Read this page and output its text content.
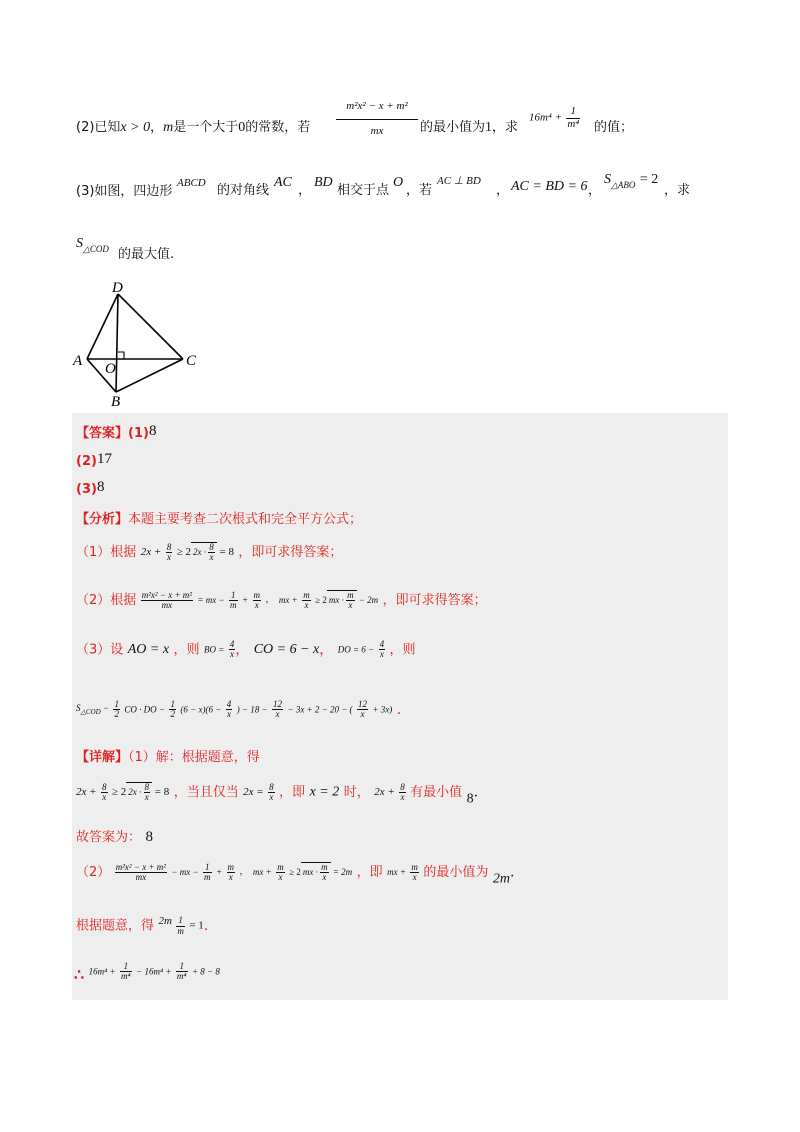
(2)已知x > 0，m是一个大于0的常数，若 $\frac{\text{m²x² − x + m²}}{mx}$ 的最小值为1，求
$16m^4 + \frac{1}{\text{m⁴}}$ 的值；
(3)如图，四边形
ABCD 的对角线
AC
，
BD
相交于点
O
，若
AC ⊥ BD
， AC = BD = 6 ，
$S_{\triangle ABO} = 2$
，求
$S_{\triangle COD}$ 的最大值.
D
A O	C
B
【答案】(1)8
(2)17
(3)8
【分析】本题主要考查二次根式和完全平方公式；
（1）根据 $2x + \frac{8}{x} \ge 2$ $2x \cdot \frac{8}{x} = 8$ ，即可求得答案；
（2）根据 $\frac{\text{m²x² − x + m²}}{mx}$ = mx − $\frac{1}{m} + \frac{m}{x}$ ， mx + $\frac{m}{x} \ge 2$ mx · $\frac{m}{x} - 2m$ ，即可求得答案；
（3）设 AO = x ，则 BO = $\frac{4}{x}$ ， CO = 6 − x， DO = $6 - \frac{4}{x}$ ，则
$S_{\triangle COD} - \frac{1}{2}$ CO · DO − $\frac{1}{2} (6 - x)(6 - \frac{4}{x}$ ) − $18 - \frac{12}{x} - 3x + 2 - 20$ − ( $\frac{12}{x} + 3x$) .
【详解】（1）解：根据题意，得
$2x + \frac{8}{x} \ge 2$ $2x \cdot \frac{8}{x} = 8$ ，当且仅当 $2x = \frac{8}{x}$ ，即 x = 2 时， $2x + \frac{8}{x}$ 有最小值 8.
故答案为： 8
$(2) \frac{\text{m²x² − x + m²}}{mx}$ − mx − $\frac{1}{m} + \frac{m}{x}$ ， mx + $\frac{m}{x} \ge 2$ mx · $\frac{m}{x} = 2m$ ，即 mx + $\frac{m}{x}$ 的最小值为 2m.
根据题意，得 $^{2m} \frac{1}{m} = 1$.
∴ $16m^4 + \frac{1}{\text{m⁴}} - 16m^4 + \frac{1}{\text{m⁴}} + 8 - 8$
